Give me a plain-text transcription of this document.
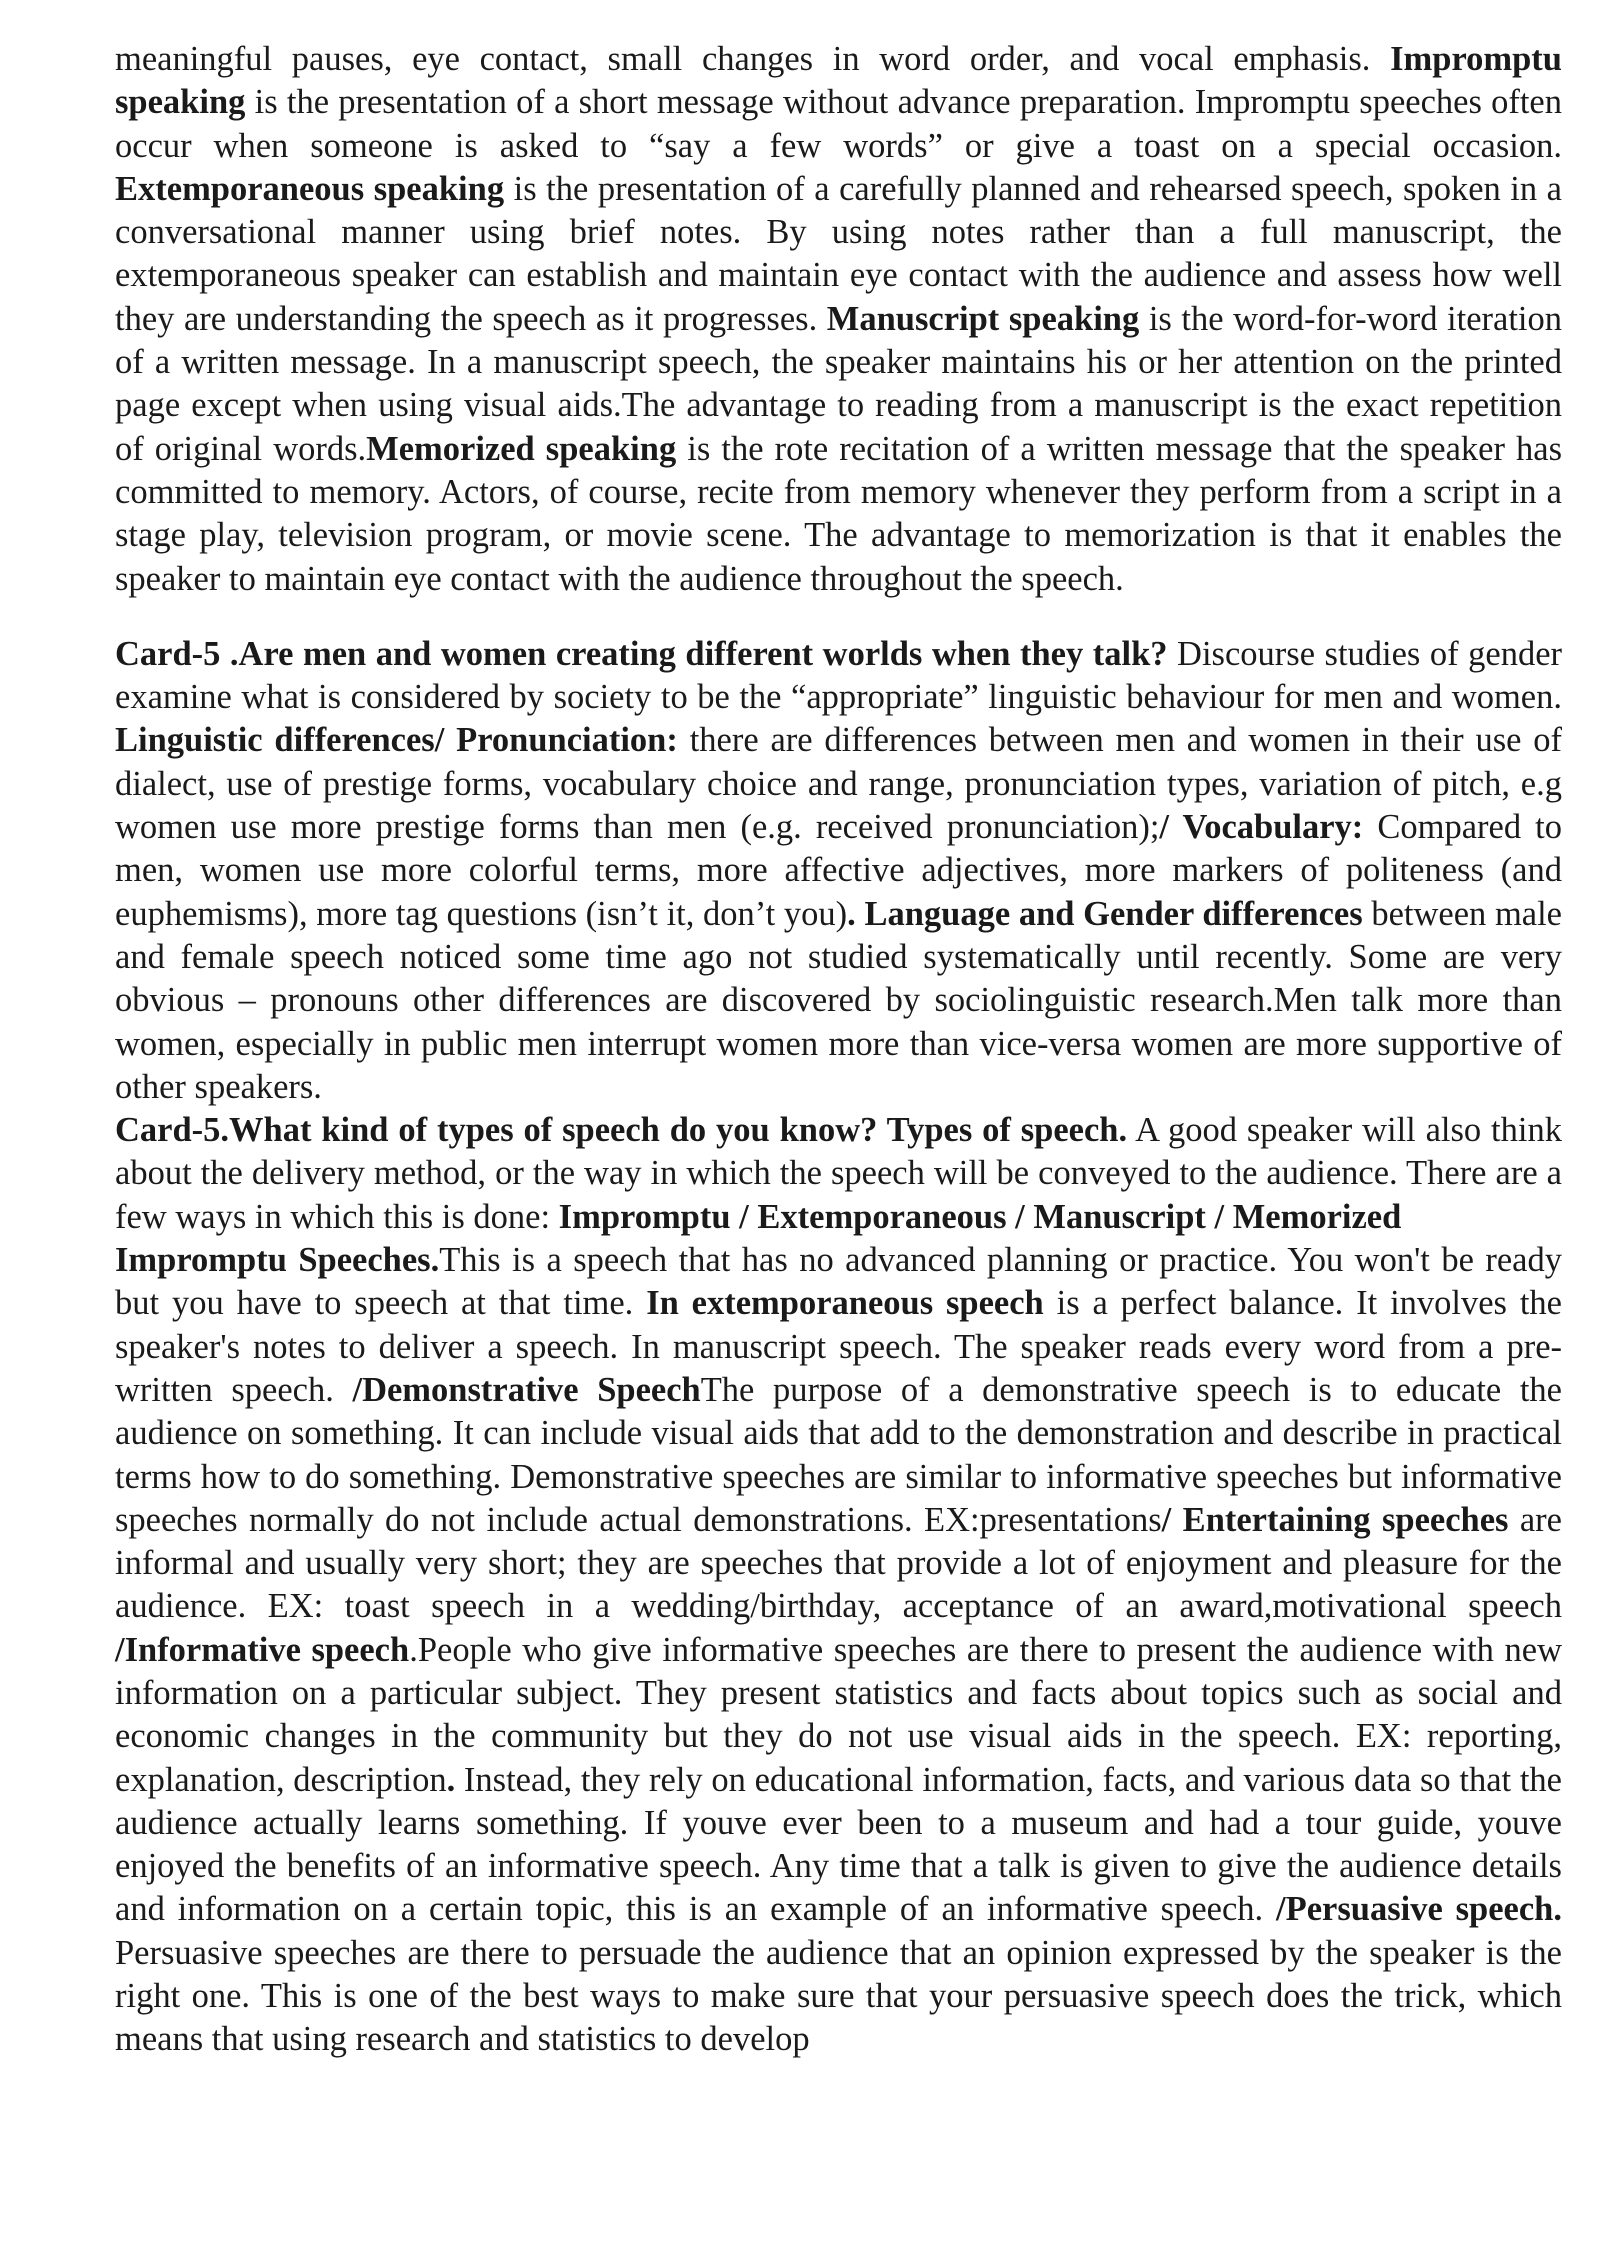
meaningful pauses, eye contact, small changes in word order, and vocal emphasis. Impromptu speaking is the presentation of a short message without advance preparation. Impromptu speeches often occur when someone is asked to “say a few words” or give a toast on a special occasion. Extemporaneous speaking is the presentation of a carefully planned and rehearsed speech, spoken in a conversational manner using brief notes. By using notes rather than a full manuscript, the extemporaneous speaker can establish and maintain eye contact with the audience and assess how well they are understanding the speech as it progresses. Manuscript speaking is the word-for-word iteration of a written message. In a manuscript speech, the speaker maintains his or her attention on the printed page except when using visual aids.The advantage to reading from a manuscript is the exact repetition of original words.Memorized speaking is the rote recitation of a written message that the speaker has committed to memory. Actors, of course, recite from memory whenever they perform from a script in a stage play, television program, or movie scene. The advantage to memorization is that it enables the speaker to maintain eye contact with the audience throughout the speech.

Card-5 .Are men and women creating different worlds when they talk? Discourse studies of gender examine what is considered by society to be the “appropriate” linguistic behaviour for men and women. Linguistic differences/ Pronunciation: there are differences between men and women in their use of dialect, use of prestige forms, vocabulary choice and range, pronunciation types, variation of pitch, e.g women use more prestige forms than men (e.g. received pronunciation);/ Vocabulary: Compared to men, women use more colorful terms, more affective adjectives, more markers of politeness (and euphemisms), more tag questions (isn’t it, don’t you). Language and Gender differences between male and female speech noticed some time ago not studied systematically until recently. Some are very obvious – pronouns other differences are discovered by sociolinguistic research.Men talk more than women, especially in public men interrupt women more than vice-versa women are more supportive of other speakers.

Card-5.What kind of types of speech do you know? Types of speech. A good speaker will also think about the delivery method, or the way in which the speech will be conveyed to the audience. There are a few ways in which this is done: Impromptu / Extemporaneous / Manuscript / Memorized

Impromptu Speeches.This is a speech that has no advanced planning or practice. You won't be ready but you have to speech at that time. In extemporaneous speech is a perfect balance. It involves the speaker's notes to deliver a speech. In manuscript speech. The speaker reads every word from a pre-written speech. /Demonstrative SpeechThe purpose of a demonstrative speech is to educate the audience on something. It can include visual aids that add to the demonstration and describe in practical terms how to do something. Demonstrative speeches are similar to informative speeches but informative speeches normally do not include actual demonstrations. EX:presentations/ Entertaining speeches are informal and usually very short; they are speeches that provide a lot of enjoyment and pleasure for the audience. EX: toast speech in a wedding/birthday, acceptance of an award,motivational speech /Informative speech.People who give informative speeches are there to present the audience with new information on a particular subject. They present statistics and facts about topics such as social and economic changes in the community but they do not use visual aids in the speech. EX: reporting, explanation, description. Instead, they rely on educational information, facts, and various data so that the audience actually learns something. If youve ever been to a museum and had a tour guide, youve enjoyed the benefits of an informative speech. Any time that a talk is given to give the audience details and information on a certain topic, this is an example of an informative speech. /Persuasive speech. Persuasive speeches are there to persuade the audience that an opinion expressed by the speaker is the right one. This is one of the best ways to make sure that your persuasive speech does the trick, which means that using research and statistics to develop
